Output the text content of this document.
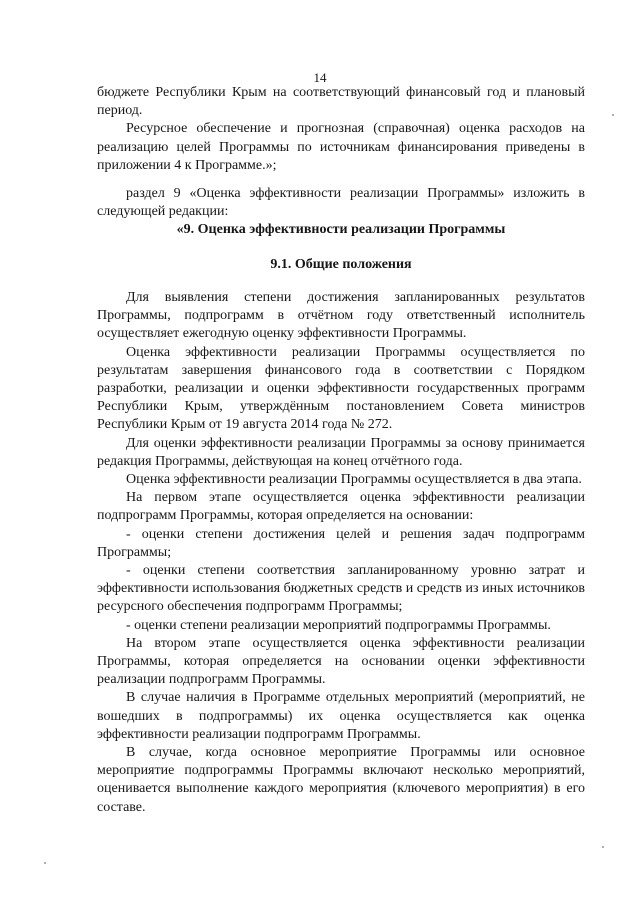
14

бюджете Республики Крым на соответствующий финансовый год и плановый период.

Ресурсное обеспечение и прогнозная (справочная) оценка расходов на реализацию целей Программы по источникам финансирования приведены в приложении 4 к Программе.»;

раздел 9 «Оценка эффективности реализации Программы» изложить в следующей редакции:

«9. Оценка эффективности реализации Программы
9.1. Общие положения

Для выявления степени достижения запланированных результатов Программы, подпрограмм в отчётном году ответственный исполнитель осуществляет ежегодную оценку эффективности Программы.

Оценка эффективности реализации Программы осуществляется по результатам завершения финансового года в соответствии с Порядком разработки, реализации и оценки эффективности государственных программ Республики Крым, утверждённым постановлением Совета министров Республики Крым от 19 августа 2014 года № 272.

Для оценки эффективности реализации Программы за основу принимается редакция Программы, действующая на конец отчётного года.

Оценка эффективности реализации Программы осуществляется в два этапа.

На первом этапе осуществляется оценка эффективности реализации подпрограмм Программы, которая определяется на основании:

- оценки степени достижения целей и решения задач подпрограмм Программы;

- оценки степени соответствия запланированному уровню затрат и эффективности использования бюджетных средств и средств из иных источников ресурсного обеспечения подпрограмм Программы;

- оценки степени реализации мероприятий подпрограммы Программы.

На втором этапе осуществляется оценка эффективности реализации Программы, которая определяется на основании оценки эффективности реализации подпрограмм Программы.

В случае наличия в Программе отдельных мероприятий (мероприятий, не вошедших в подпрограммы) их оценка осуществляется как оценка эффективности реализации подпрограмм Программы.

В случае, когда основное мероприятие Программы или основное мероприятие подпрограммы Программы включают несколько мероприятий, оценивается выполнение каждого мероприятия (ключевого мероприятия) в его составе.
